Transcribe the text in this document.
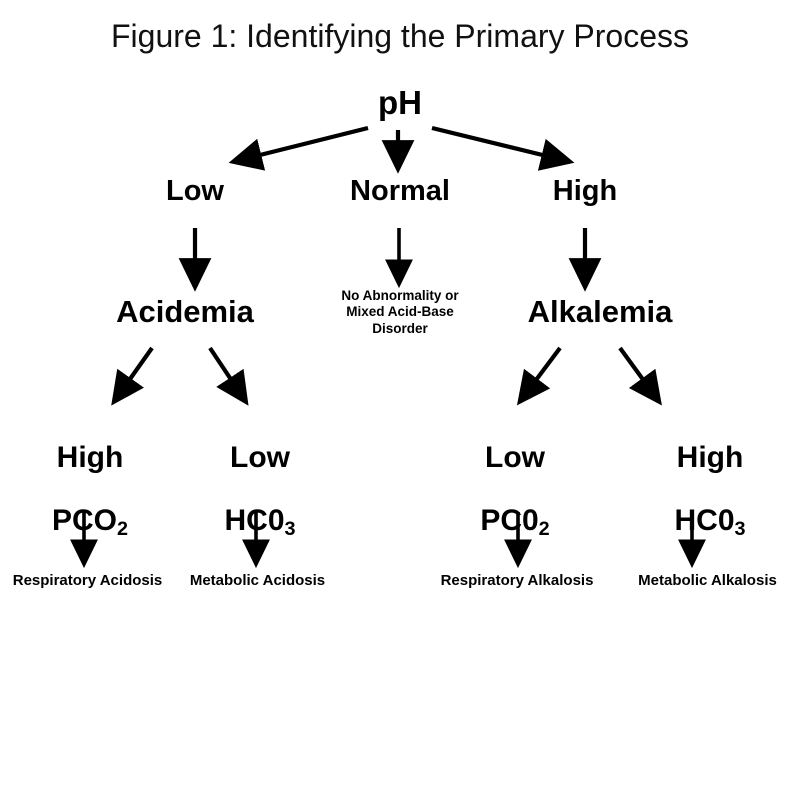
Figure 1: Identifying the Primary Process
pH
Low	Normal	High
Acidemia	No Abnormality or Mixed Acid-Base Disorder	Alkalemia

High

$PCO_2$

Low

$HC0_3$

Low

$PC0_2$

High

$HC0_3$

Respiratory Acidosis	Metabolic Acidosis	Respiratory Alkalosis	Metabolic Alkalosis
